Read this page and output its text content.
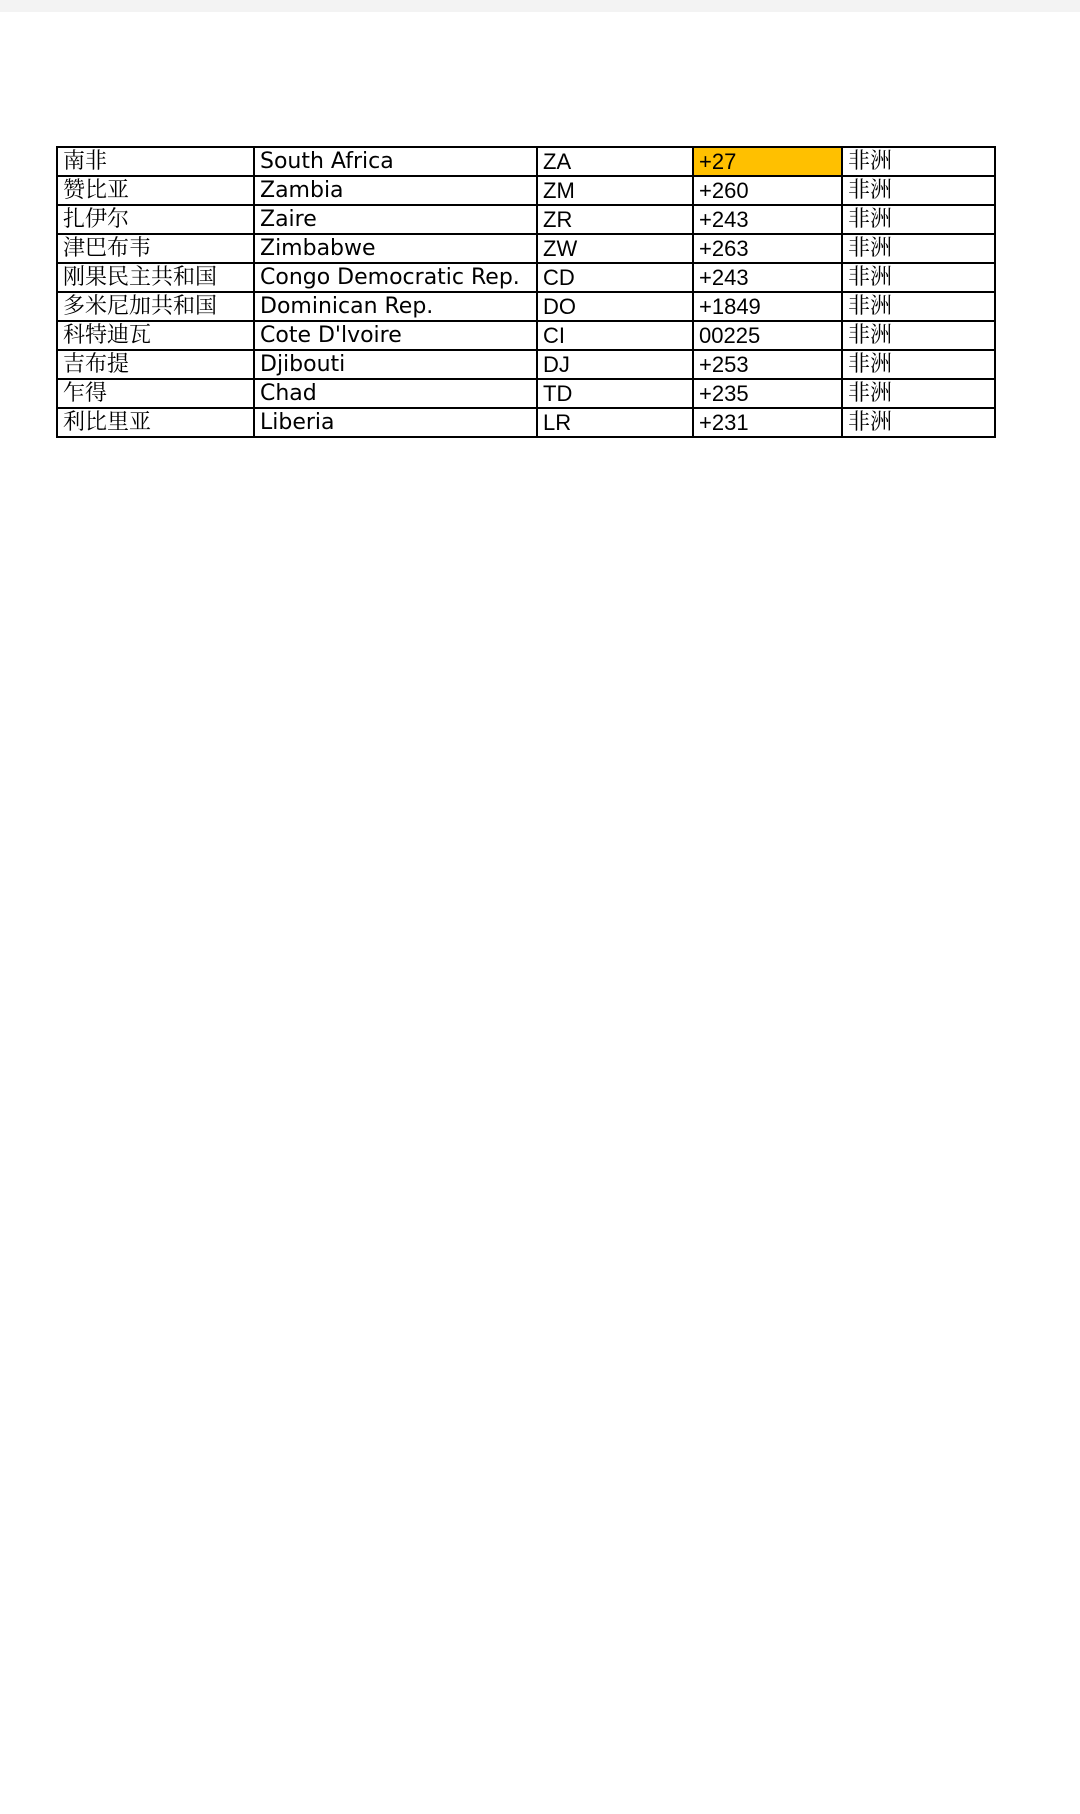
南非	South Africa	ZA	+27	非洲
赞比亚	Zambia	ZM	+260	非洲
扎伊尔	Zaire	ZR	+243	非洲
津巴布韦	Zimbabwe	ZW	+263	非洲
刚果民主共和国	Congo Democratic Rep.	CD	+243	非洲
多米尼加共和国	Dominican Rep.	DO	+1849	非洲
科特迪瓦	Cote D'lvoire	CI	00225	非洲
吉布提	Djibouti	DJ	+253	非洲
乍得	Chad	TD	+235	非洲
利比里亚	Liberia	LR	+231	非洲
